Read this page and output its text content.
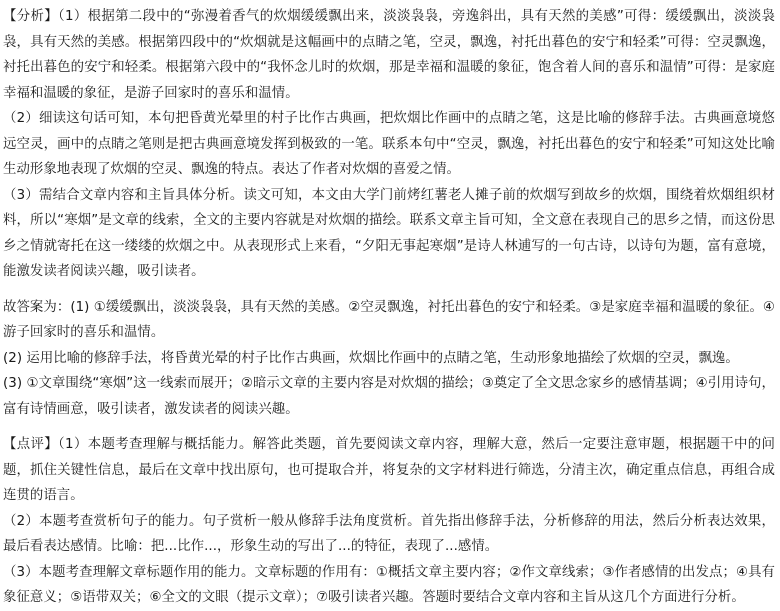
【分析】（1）根据第二段中的“弥漫着香气的炊烟缓缓飘出来，淡淡袅袅，旁逸斜出，具有天然的美感”可得：缓缓飘出，淡淡袅袅，具有天然的美感。根据第四段中的“炊烟就是这幅画中的点睛之笔，空灵，飘逸，衬托出暮色的安宁和轻柔”可得：空灵飘逸，衬托出暮色的安宁和轻柔。根据第六段中的“我怀念儿时的炊烟，那是幸福和温暖的象征，饱含着人间的喜乐和温情”可得：是家庭幸福和温暖的象征，是游子回家时的喜乐和温情。

（2）细读这句话可知，本句把昏黄光晕里的村子比作古典画，把炊烟比作画中的点睛之笔，这是比喻的修辞手法。古典画意境悠远空灵，画中的点睛之笔则是把古典画意境发挥到极致的一笔。联系本句中“空灵，飘逸，衬托出暮色的安宁和轻柔”可知这处比喻生动形象地表现了炊烟的空灵、飘逸的特点。表达了作者对炊烟的喜爱之情。

（3）需结合文章内容和主旨具体分析。读文可知，本文由大学门前烤红薯老人摊子前的炊烟写到故乡的炊烟，围绕着炊烟组织材料，所以“寒烟”是文章的线索，全文的主要内容就是对炊烟的描绘。联系文章主旨可知，全文意在表现自己的思乡之情，而这份思乡之情就寄托在这一缕缕的炊烟之中。从表现形式上来看，“夕阳无事起寒烟”是诗人林逋写的一句古诗，以诗句为题，富有意境，能激发读者阅读兴趣，吸引读者。

故答案为：(1) ①缓缓飘出，淡淡袅袅，具有天然的美感。②空灵飘逸，衬托出暮色的安宁和轻柔。③是家庭幸福和温暖的象征。④游子回家时的喜乐和温情。

(2) 运用比喻的修辞手法，将昏黄光晕的村子比作古典画，炊烟比作画中的点睛之笔，生动形象地描绘了炊烟的空灵，飘逸。

(3) ①文章围绕“寒烟”这一线索而展开；②暗示文章的主要内容是对炊烟的描绘；③奠定了全文思念家乡的感情基调；④引用诗句，富有诗情画意，吸引读者，激发读者的阅读兴趣。

【点评】（1）本题考查理解与概括能力。解答此类题，首先要阅读文章内容，理解大意，然后一定要注意审题，根据题干中的问题，抓住关键性信息，最后在文章中找出原句，也可提取合并，将复杂的文字材料进行筛选，分清主次，确定重点信息，再组合成连贯的语言。

（2）本题考查赏析句子的能力。句子赏析一般从修辞手法角度赏析。首先指出修辞手法，分析修辞的用法，然后分析表达效果，最后看表达感情。比喻：把...比作...，形象生动的写出了...的特征，表现了...感情。

（3）本题考查理解文章标题作用的能力。文章标题的作用有：①概括文章主要内容；②作文章线索；③作者感情的出发点；④具有象征意义；⑤语带双关；⑥全文的文眼（提示文章）；⑦吸引读者兴趣。答题时要结合文章内容和主旨从这几个方面进行分析。
